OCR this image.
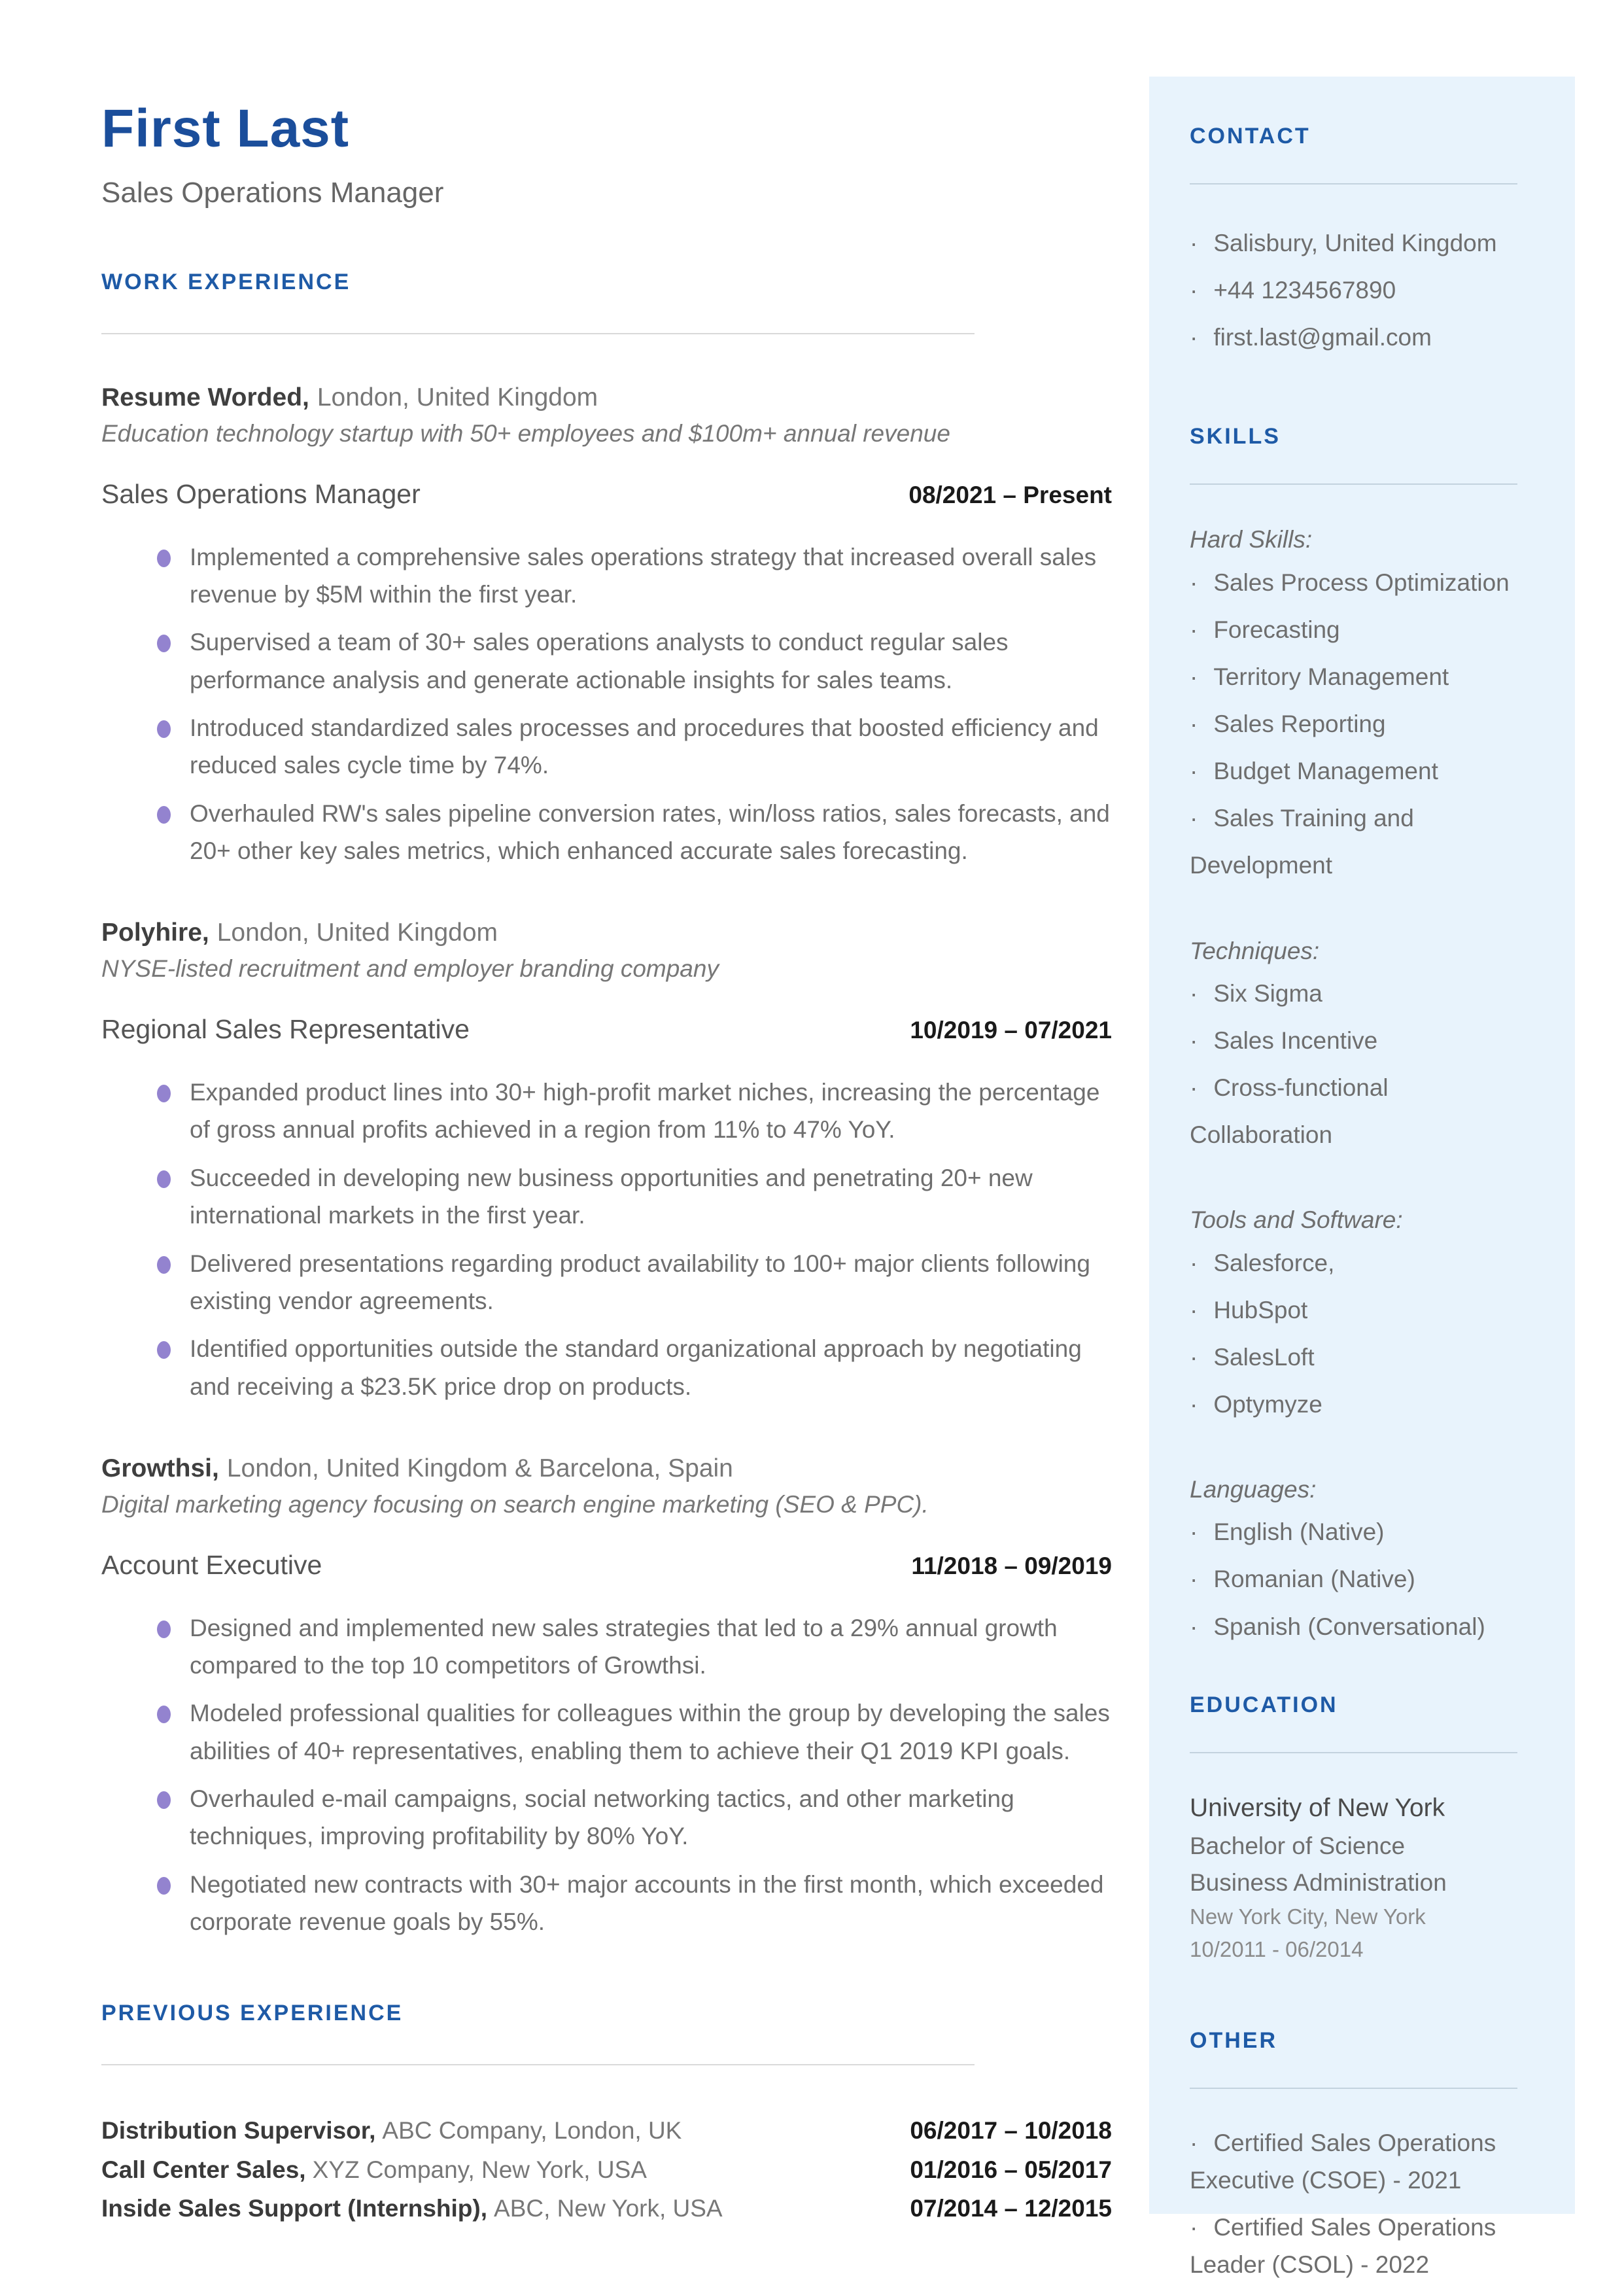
First Last
Sales Operations Manager
WORK EXPERIENCE
Resume Worded, London, United Kingdom
Education technology startup with 50+ employees and $100m+ annual revenue
Sales Operations Manager	08/2021 – Present
Implemented a comprehensive sales operations strategy that increased overall sales revenue by $5M within the first year.
Supervised a team of 30+ sales operations analysts to conduct regular sales performance analysis and generate actionable insights for sales teams.
Introduced standardized sales processes and procedures that boosted efficiency and reduced sales cycle time by 74%.
Overhauled RW's sales pipeline conversion rates, win/loss ratios, sales forecasts, and 20+ other key sales metrics, which enhanced accurate sales forecasting.
Polyhire, London, United Kingdom
NYSE-listed recruitment and employer branding company
Regional Sales Representative	10/2019 – 07/2021
Expanded product lines into 30+ high-profit market niches, increasing the percentage of gross annual profits achieved in a region from 11% to 47% YoY.
Succeeded in developing new business opportunities and penetrating 20+ new international markets in the first year.
Delivered presentations regarding product availability to 100+ major clients following existing vendor agreements.
Identified opportunities outside the standard organizational approach by negotiating and receiving a $23.5K price drop on products.
Growthsi, London, United Kingdom & Barcelona, Spain
Digital marketing agency focusing on search engine marketing (SEO & PPC).
Account Executive	11/2018 – 09/2019
Designed and implemented new sales strategies that led to a 29% annual growth compared to the top 10 competitors of Growthsi.
Modeled professional qualities for colleagues within the group by developing the sales abilities of 40+ representatives, enabling them to achieve their Q1 2019 KPI goals.
Overhauled e-mail campaigns, social networking tactics, and other marketing techniques, improving profitability by 80% YoY.
Negotiated new contracts with 30+ major accounts in the first month, which exceeded corporate revenue goals by 55%.
PREVIOUS EXPERIENCE
Distribution Supervisor, ABC Company, London, UK	06/2017 – 10/2018
Call Center Sales, XYZ Company, New York, USA	01/2016 – 05/2017
Inside Sales Support (Internship), ABC, New York, USA	07/2014 – 12/2015
CONTACT
· Salisbury, United Kingdom
· +44 1234567890
· first.last@gmail.com
SKILLS
Hard Skills:
· Sales Process Optimization
· Forecasting
· Territory Management
· Sales Reporting
· Budget Management
· Sales Training and Development
Techniques:
· Six Sigma
· Sales Incentive
· Cross-functional Collaboration
Tools and Software:
· Salesforce,
· HubSpot
· SalesLoft
· Optymyze
Languages:
· English (Native)
· Romanian (Native)
· Spanish (Conversational)
EDUCATION
University of New York
Bachelor of Science
Business Administration
New York City, New York
10/2011 - 06/2014
OTHER
· Certified Sales Operations Executive (CSOE) - 2021
· Certified Sales Operations Leader (CSOL) - 2022
